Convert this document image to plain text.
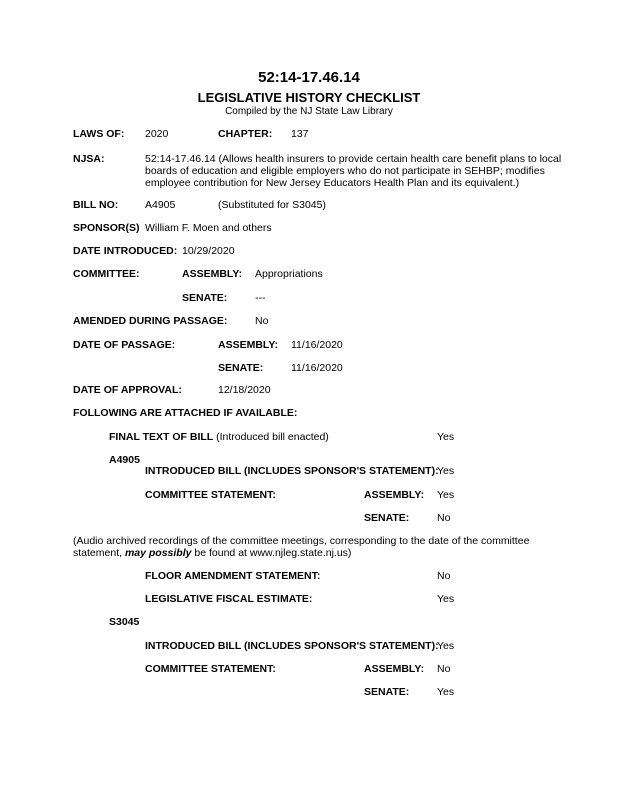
52:14-17.46.14
LEGISLATIVE HISTORY CHECKLIST
Compiled by the NJ State Law Library
LAWS OF: 2020	CHAPTER: 137
NJSA:	52:14-17.46.14 (Allows health insurers to provide certain health care benefit plans to local
boards of education and eligible employers who do not participate in SEHBP; modifies
employee contribution for New Jersey Educators Health Plan and its equivalent.)
BILL NO:	A4905	(Substituted for S3045)
SPONSOR(S) William F. Moen and others
DATE INTRODUCED: 10/29/2020
COMMITTEE:	ASSEMBLY: Appropriations
SENATE:	---
AMENDED DURING PASSAGE:	No
DATE OF PASSAGE:	ASSEMBLY: 11/16/2020
SENATE:	11/16/2020
DATE OF APPROVAL:	12/18/2020
FOLLOWING ARE ATTACHED IF AVAILABLE:
FINAL TEXT OF BILL (Introduced bill enacted)	Yes
A4905
INTRODUCED BILL (INCLUDES SPONSOR'S STATEMENT):
Yes
COMMITTEE STATEMENT:	ASSEMBLY: Yes
SENATE:	No
(Audio archived recordings of the committee meetings, corresponding to the date of the committee
statement, may possibly be found at www.njleg.state.nj.us)
FLOOR AMENDMENT STATEMENT:	No
LEGISLATIVE FISCAL ESTIMATE:	Yes
S3045
INTRODUCED BILL (INCLUDES SPONSOR'S STATEMENT):
Yes
COMMITTEE STATEMENT:	ASSEMBLY: No
SENATE:	Yes
